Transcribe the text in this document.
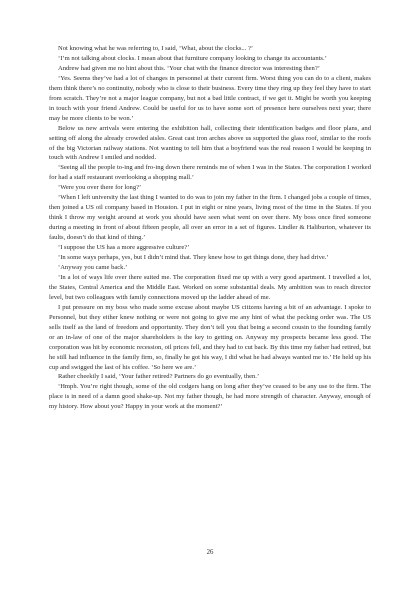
Not knowing what he was referring to, I said, ‘What, about the clocks... ?’

‘I’m not talking about clocks. I mean about that furniture company looking to change its accountants.’

Andrew had given me no hint about this. ‘Your chat with the finance director was interesting then?’

‘Yes. Seems they’ve had a lot of changes in personnel at their current firm. Worst thing you can do to a client, makes them think there’s no continuity, nobody who is close to their business. Every time they ring up they feel they have to start from scratch. They’re not a major league company, but not a bad little contract, if we get it. Might be worth you keeping in touch with your friend Andrew. Could be useful for us to have some sort of presence here ourselves next year; there may be more clients to be won.’

Below us new arrivals were entering the exhibition hall, collecting their identification badges and floor plans, and setting off along the already crowded aisles. Great cast iron arches above us supported the glass roof, similar to the roofs of the big Victorian railway stations. Not wanting to tell him that a boyfriend was the real reason I would be keeping in touch with Andrew I smiled and nodded.

‘Seeing all the people to-ing and fro-ing down there reminds me of when I was in the States. The corporation I worked for had a staff restaurant overlooking a shopping mall.’

‘Were you over there for long?’

‘When I left university the last thing I wanted to do was to join my father in the firm. I changed jobs a couple of times, then joined a US oil company based in Houston. I put in eight or nine years, living most of the time in the States. If you think I throw my weight around at work you should have seen what went on over there. My boss once fired someone during a meeting in front of about fifteen people, all over an error in a set of figures. Lindler & Haliburton, whatever its faults, doesn’t do that kind of thing.’

‘I suppose the US has a more aggressive culture?’

‘In some ways perhaps, yes, but I didn’t mind that. They knew how to get things done, they had drive.’

‘Anyway you came back.’

‘In a lot of ways life over there suited me. The corporation fixed me up with a very good apartment. I travelled a lot, the States, Central America and the Middle East. Worked on some substantial deals. My ambition was to reach director level, but two colleagues with family connections moved up the ladder ahead of me.

I put pressure on my boss who made some excuse about maybe US citizens having a bit of an advantage. I spoke to Personnel, but they either knew nothing or were not going to give me any hint of what the pecking order was. The US sells itself as the land of freedom and opportunity. They don’t tell you that being a second cousin to the founding family or an in-law of one of the major shareholders is the key to getting on. Anyway my prospects became less good. The corporation was hit by economic recession, oil prices fell, and they had to cut back. By this time my father had retired, but he still had influence in the family firm, so, finally he got his way, I did what he had always wanted me to.’ He held up his cup and swigged the last of his coffee. ‘So here we are.’

Rather cheekily I said, ‘Your father retired? Partners do go eventually, then.’

‘Hmph. You’re right though, some of the old codgers hang on long after they’ve ceased to be any use to the firm. The place is in need of a damn good shake-up. Not my father though, he had more strength of character. Anyway, enough of my history. How about you? Happy in your work at the moment?’

26
